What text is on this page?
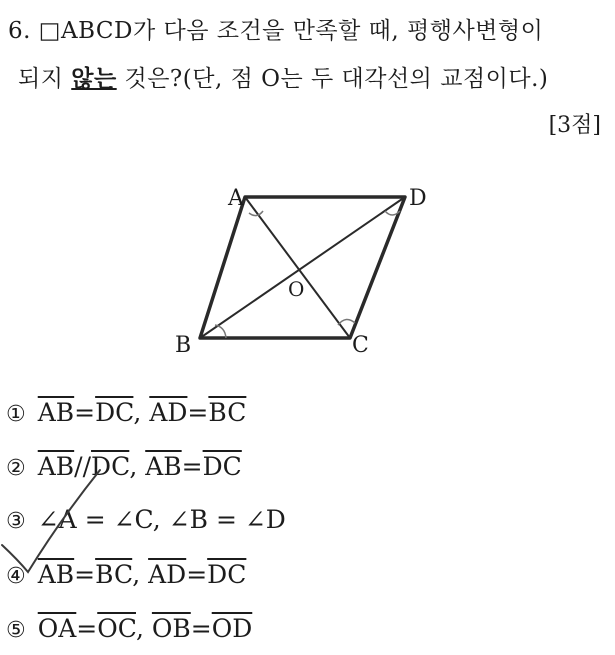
6. □ABCD가 다음 조건을 만족할 때, 평행사변형이
되지 않는 것은?(단, 점 O는 두 대각선의 교점이다.)
[3점]
A	D
B	C
O
① $\overline{AB}=\overline{DC}$, $\overline{AD}=\overline{BC}$
② $\overline{AB}//\overline{DC}$, $\overline{AB}=\overline{DC}$
③ ∠A = ∠C, ∠B = ∠D
④ $\overline{AB}=\overline{BC}$, $\overline{AD}=\overline{DC}$
⑤ $\overline{OA}=\overline{OC}$, $\overline{OB}=\overline{OD}$
